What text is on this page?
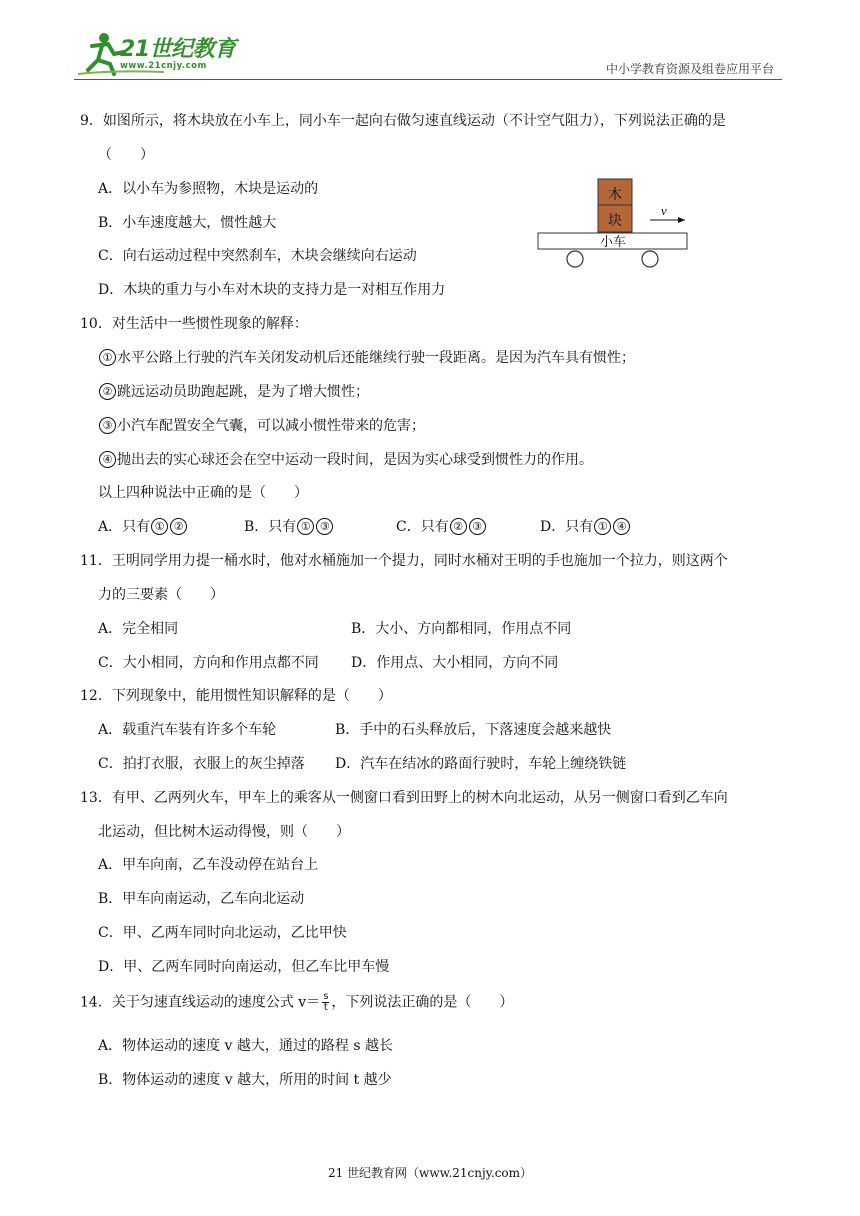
21世纪教育
www.21cnjy.com	中小学教育资源及组卷应用平台
9．如图所示，将木块放在小车上，同小车一起向右做匀速直线运动（不计空气阻力），下列说法正确的是
（　　）
A．以小车为参照物，木块是运动的
B．小车速度越大，惯性越大
C．向右运动过程中突然刹车，木块会继续向右运动
D．木块的重力与小车对木块的支持力是一对相互作用力
木
块
小车
v
10．对生活中一些惯性现象的解释：
① 水平公路上行驶的汽车关闭发动机后还能继续行驶一段距离。是因为汽车具有惯性；
② 跳远运动员助跑起跳，是为了增大惯性；
③ 小汽车配置安全气囊，可以减小惯性带来的危害；
④ 抛出去的实心球还会在空中运动一段时间，是因为实心球受到惯性力的作用。
以上四种说法中正确的是（　　）
A．只有 ① ②	B．只有 ① ③	C．只有 ② ③	D．只有 ① ④
11．王明同学用力提一桶水时，他对水桶施加一个提力，同时水桶对王明的手也施加一个拉力，则这两个
力的三要素（　　）
A．完全相同	B．大小、方向都相同，作用点不同
C．大小相同，方向和作用点都不同 D．作用点、大小相同，方向不同
12．下列现象中，能用惯性知识解释的是（　　）
A．载重汽车装有许多个车轮	B．手中的石头释放后，下落速度会越来越快
C．拍打衣服，衣服上的灰尘掉落 D．汽车在结冰的路面行驶时，车轮上缠绕铁链
13．有甲、乙两列火车，甲车上的乘客从一侧窗口看到田野上的树木向北运动，从另一侧窗口看到乙车向
北运动，但比树木运动得慢，则（　　）
A．甲车向南，乙车没动停在站台上
B．甲车向南运动，乙车向北运动
C．甲、乙两车同时向北运动，乙比甲快
D．甲、乙两车同时向南运动，但乙车比甲车慢
14．关于匀速直线运动的速度公式 $v= \frac{s}{t}$ ，下列说法正确的是（　　）
A．物体运动的速度 v 越大，通过的路程 s 越长
B．物体运动的速度 v 越大，所用的时间 t 越少
21 世纪教育网（www.21cnjy.com）
